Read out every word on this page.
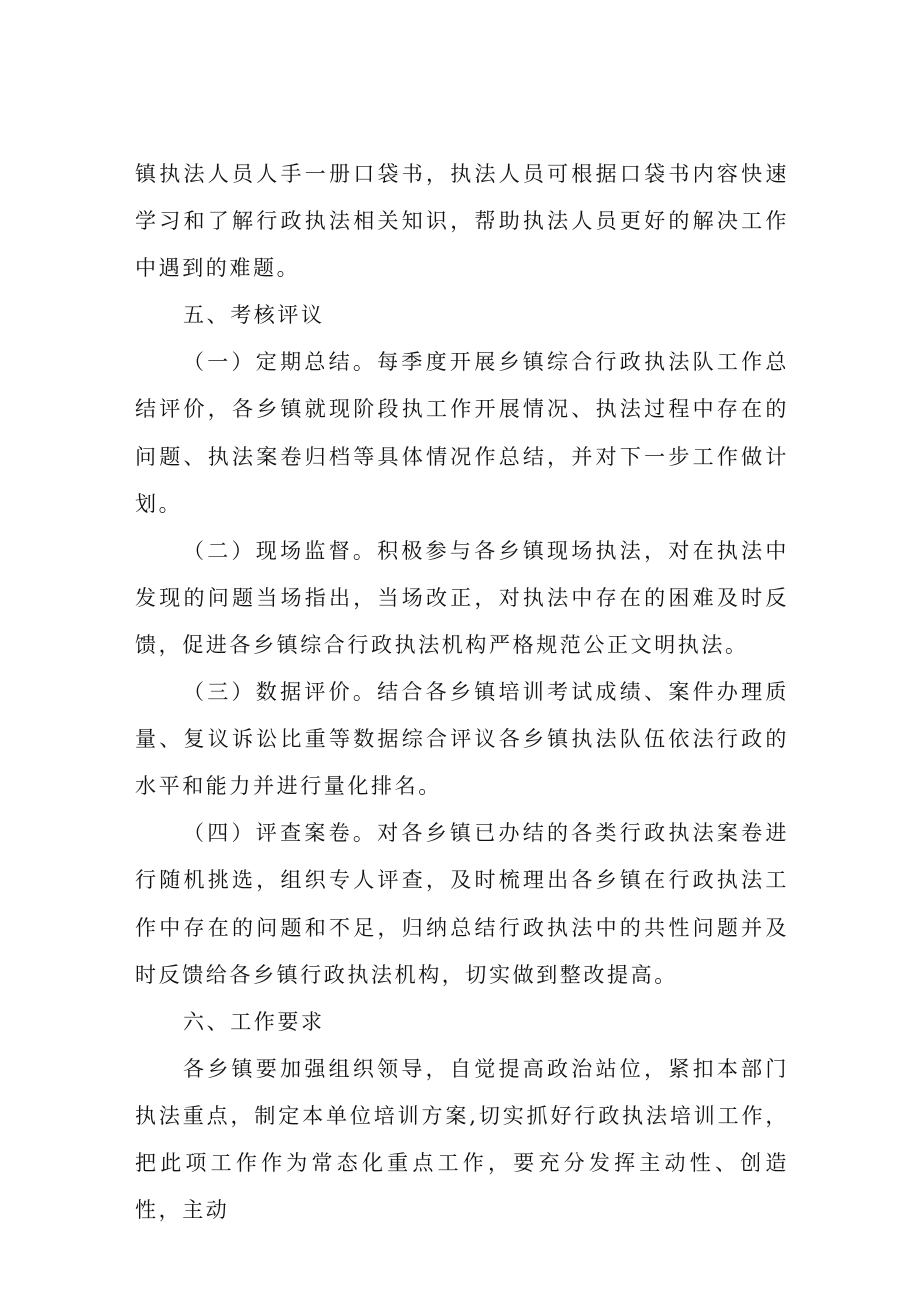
镇执法人员人手一册口袋书，执法人员可根据口袋书内容快速学习和了解行政执法相关知识，帮助执法人员更好的解决工作中遇到的难题。

五、考核评议

（一）定期总结。每季度开展乡镇综合行政执法队工作总结评价，各乡镇就现阶段执工作开展情况、执法过程中存在的问题、执法案卷归档等具体情况作总结，并对下一步工作做计划。

（二）现场监督。积极参与各乡镇现场执法，对在执法中发现的问题当场指出，当场改正，对执法中存在的困难及时反馈，促进各乡镇综合行政执法机构严格规范公正文明执法。

（三）数据评价。结合各乡镇培训考试成绩、案件办理质量、复议诉讼比重等数据综合评议各乡镇执法队伍依法行政的水平和能力并进行量化排名。

（四）评查案卷。对各乡镇已办结的各类行政执法案卷进行随机挑选，组织专人评查，及时梳理出各乡镇在行政执法工作中存在的问题和不足，归纳总结行政执法中的共性问题并及时反馈给各乡镇行政执法机构，切实做到整改提高。

六、工作要求

各乡镇要加强组织领导，自觉提高政治站位，紧扣本部门执法重点，制定本单位培训方案,切实抓好行政执法培训工作，把此项工作作为常态化重点工作，要充分发挥主动性、创造性，主动
